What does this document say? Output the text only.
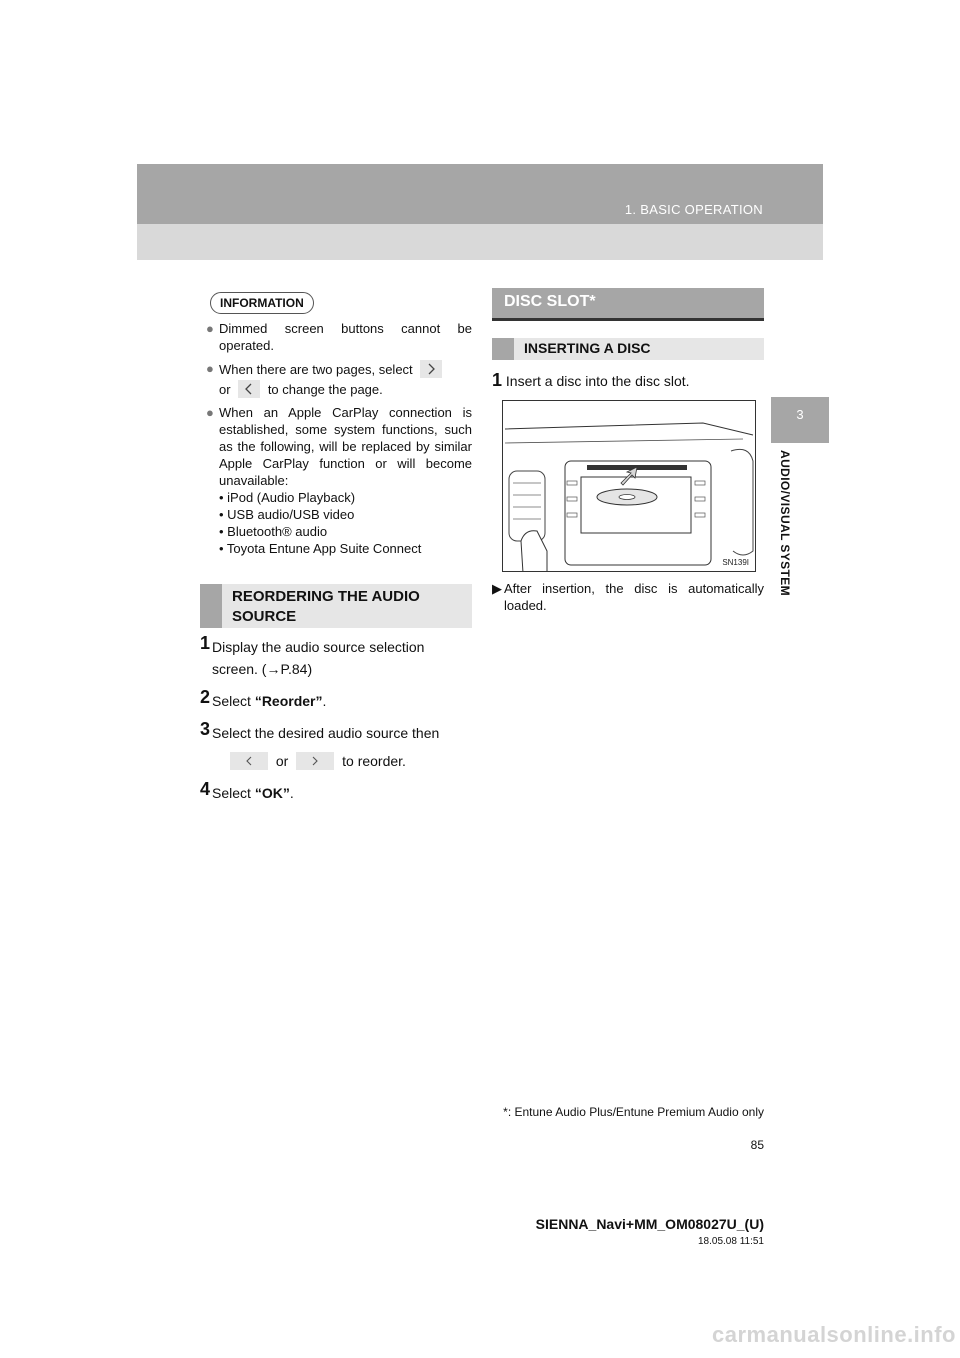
1. BASIC OPERATION
3
AUDIO/VISUAL SYSTEM
INFORMATION
● Dimmed screen buttons cannot be operated.
● When there are two pages, select
or	to change the page.
● When an Apple CarPlay connection is established, some system functions, such as the following, will be replaced by similar Apple CarPlay function or will become unavailable:
• iPod (Audio Playback)
• USB audio/USB video
• Bluetooth® audio
• Toyota Entune App Suite Connect
REORDERING THE AUDIO SOURCE
1 Display the audio source selection screen. (→P.84)
2 Select “Reorder”.
3 Select the desired audio source then
or	to reorder.
4 Select “OK”.
DISC SLOT*
INSERTING A DISC
1 Insert a disc into the disc slot.
SN139I
▶ After insertion, the disc is automatically loaded.
*: Entune Audio Plus/Entune Premium Audio only
85
SIENNA_Navi+MM_OM08027U_(U)
18.05.08 11:51
carmanualsonline.info
